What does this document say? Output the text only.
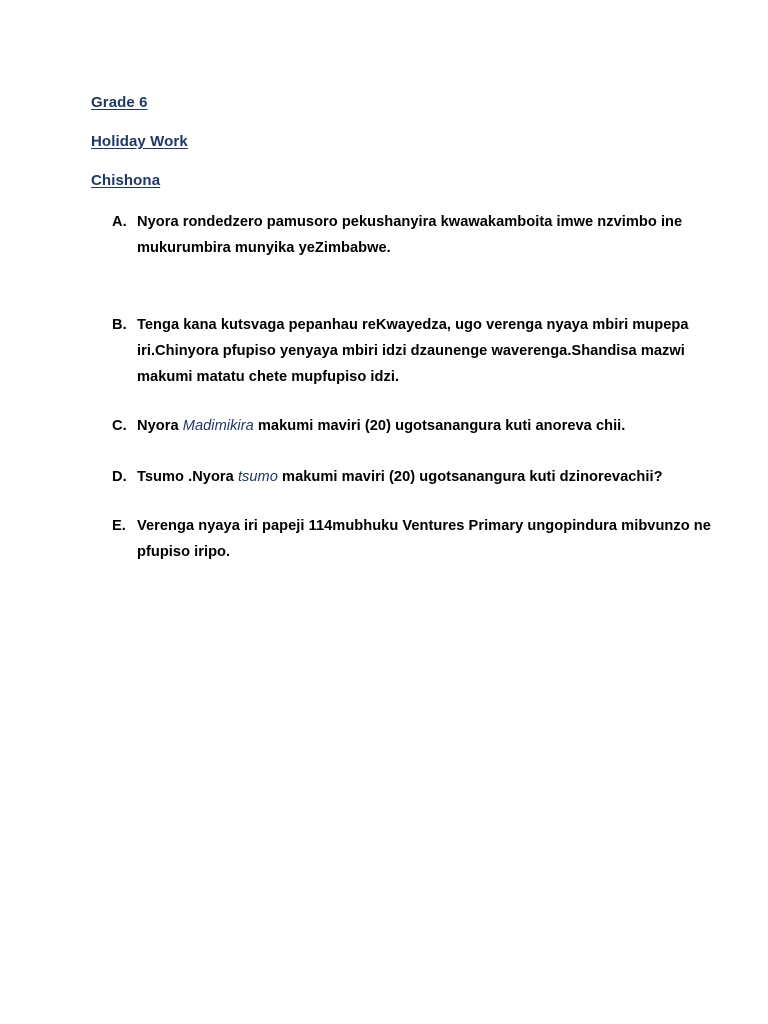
Grade 6
Holiday Work
Chishona
A. Nyora rondedzero pamusoro pekushanyira kwawakamboita imwe nzvimbo ine mukurumbira munyika yeZimbabwe.
B. Tenga kana kutsvaga pepanhau reKwayedza, ugo verenga nyaya mbiri mupepa iri.Chinyora pfupiso yenyaya mbiri idzi dzaunenge waverenga.Shandisa mazwi makumi matatu chete mupfupiso idzi.
C. Nyora Madimikira makumi maviri (20) ugotsanangura kuti anoreva chii.
D. Tsumo .Nyora tsumo makumi maviri (20) ugotsanangura kuti dzinorevachii?
E. Verenga nyaya iri papeji 114mubhuku Ventures Primary ungopindura mibvunzo ne pfupiso iripo.
